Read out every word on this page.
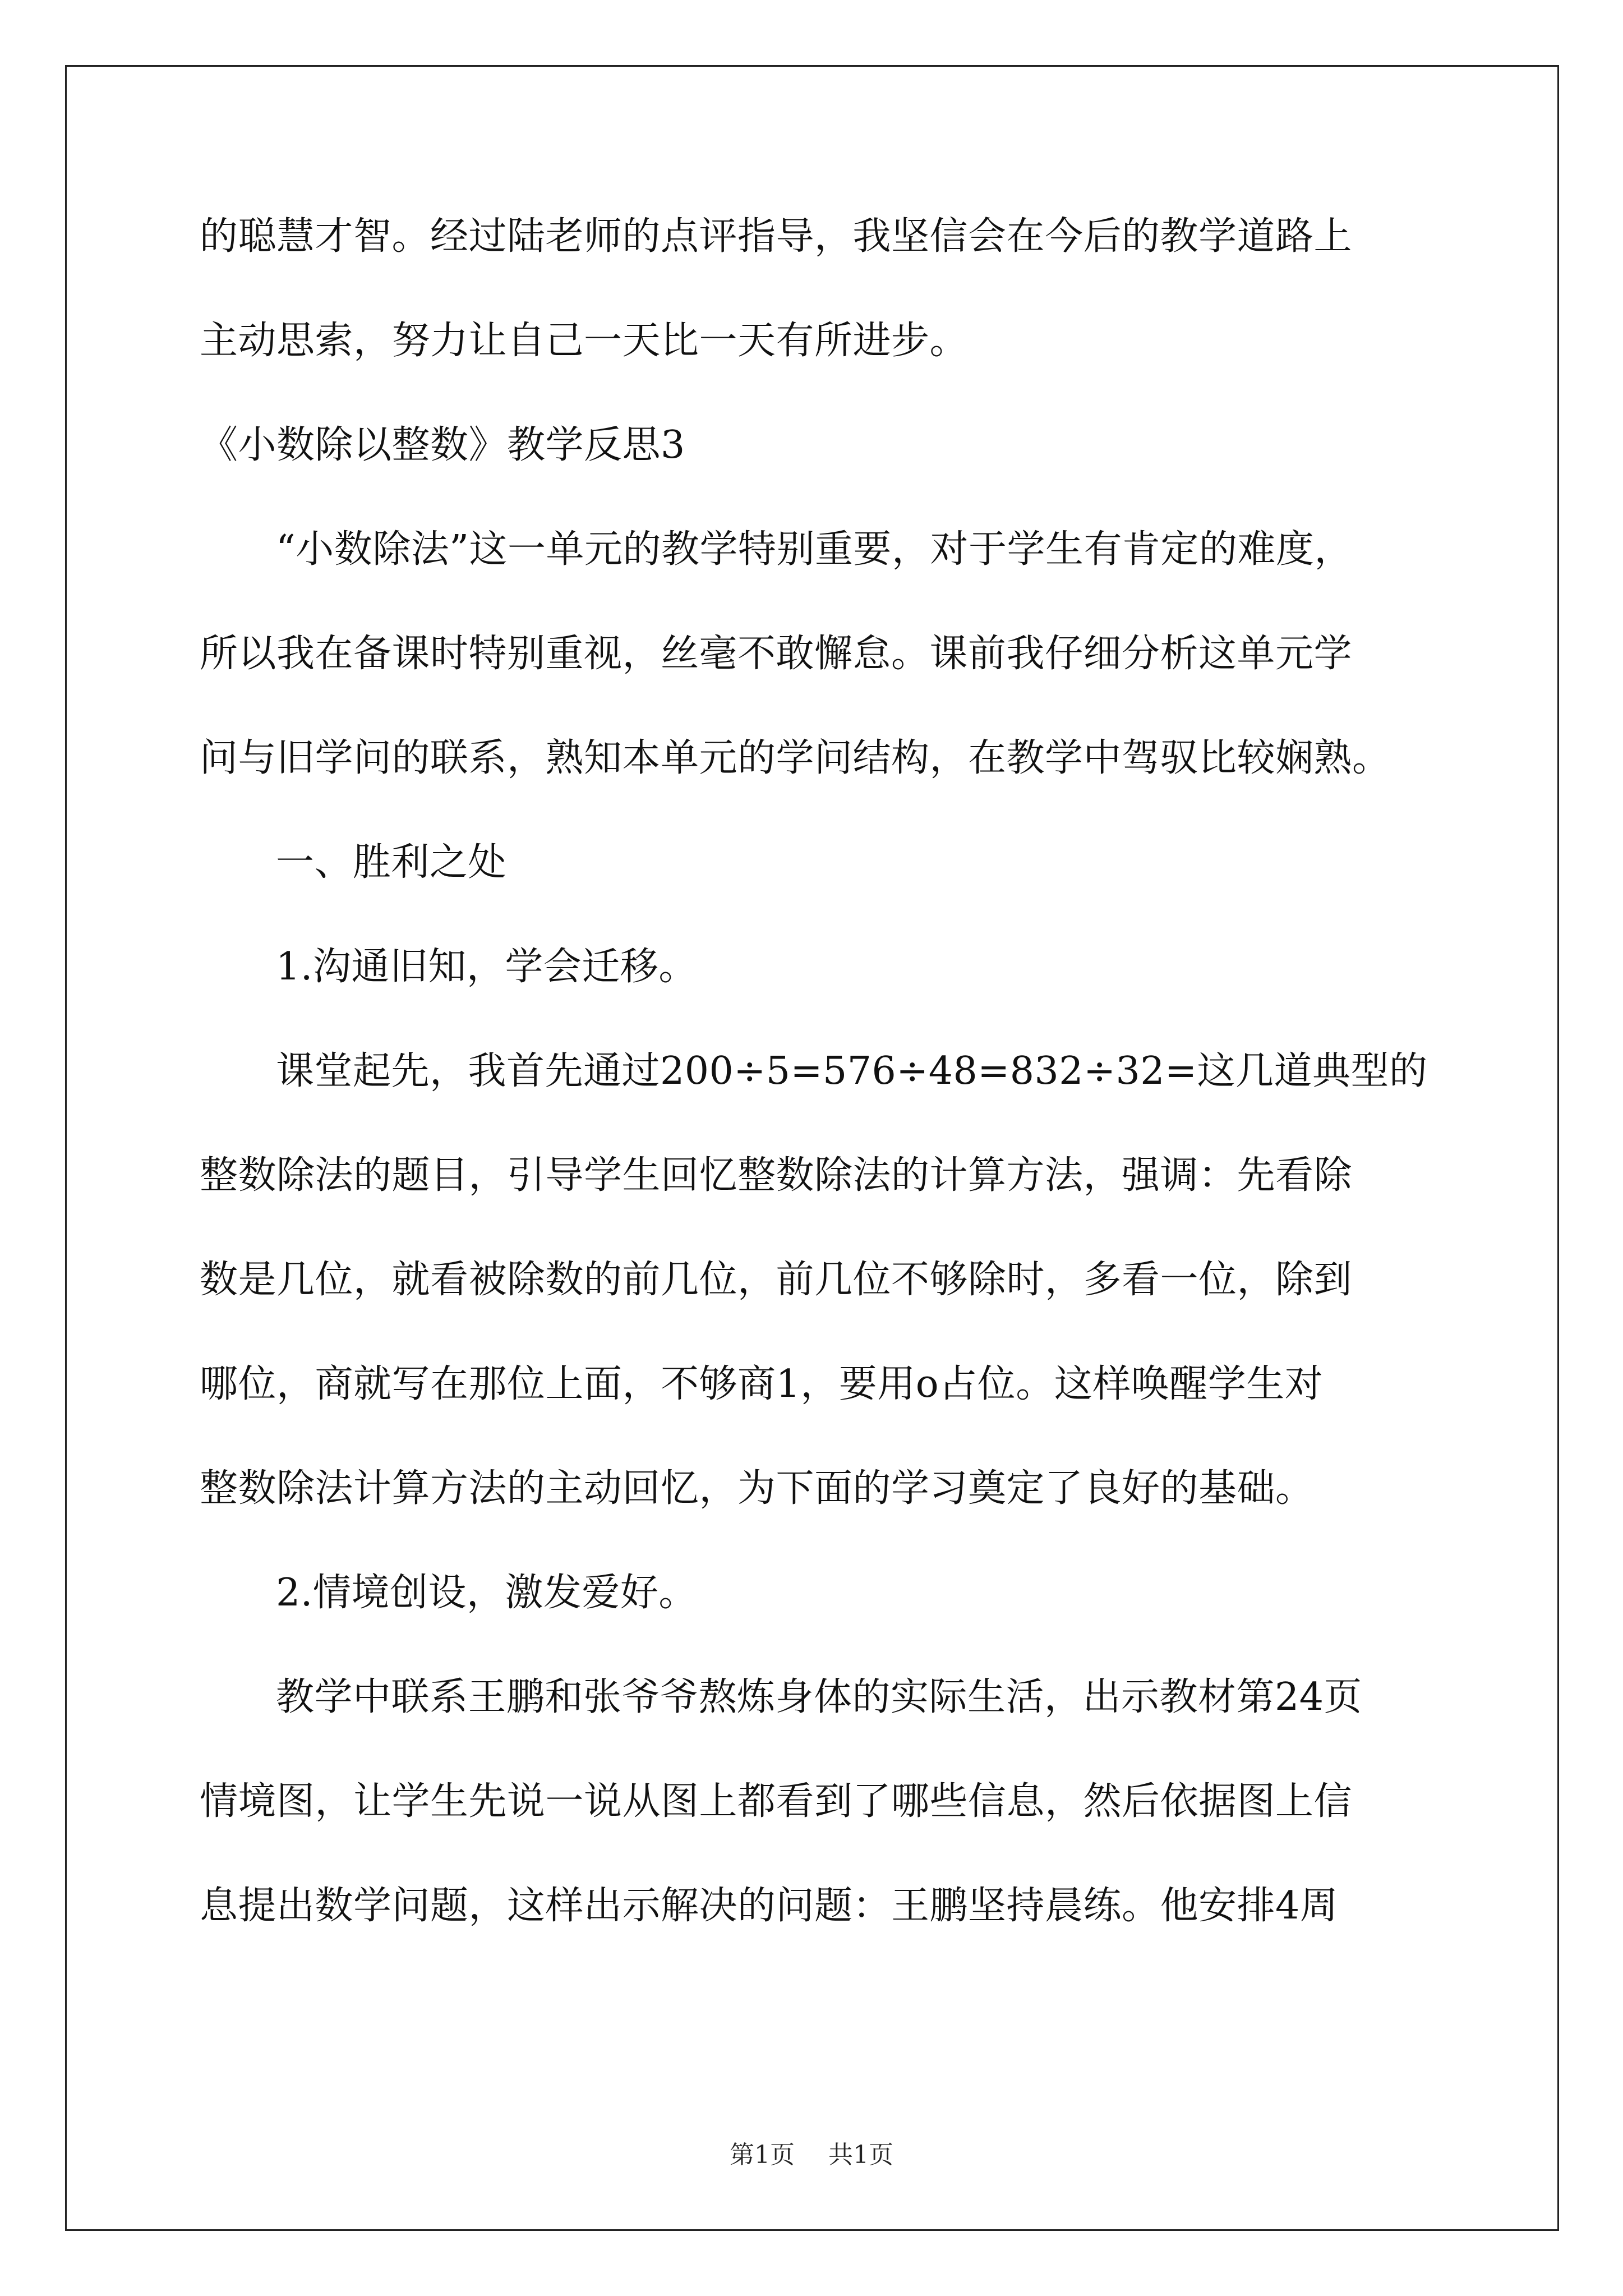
的聪慧才智。经过陆老师的点评指导，我坚信会在今后的教学道路上
主动思索，努力让自己一天比一天有所进步。
《小数除以整数》教学反思3
“小数除法”这一单元的教学特别重要，对于学生有肯定的难度，
所以我在备课时特别重视，丝毫不敢懈怠。课前我仔细分析这单元学
问与旧学问的联系，熟知本单元的学问结构，在教学中驾驭比较娴熟。
一、胜利之处
1.沟通旧知，学会迁移。
课堂起先，我首先通过200÷5=576÷48=832÷32=这几道典型的
整数除法的题目，引导学生回忆整数除法的计算方法，强调：先看除
数是几位，就看被除数的前几位，前几位不够除时，多看一位，除到
哪位，商就写在那位上面，不够商1，要用o占位。这样唤醒学生对
整数除法计算方法的主动回忆，为下面的学习奠定了良好的基础。
2.情境创设，激发爱好。
教学中联系王鹏和张爷爷熬炼身体的实际生活，出示教材第24页
情境图，让学生先说一说从图上都看到了哪些信息，然后依据图上信
息提出数学问题，这样出示解决的问题：王鹏坚持晨练。他安排4周
第1页 共1页
